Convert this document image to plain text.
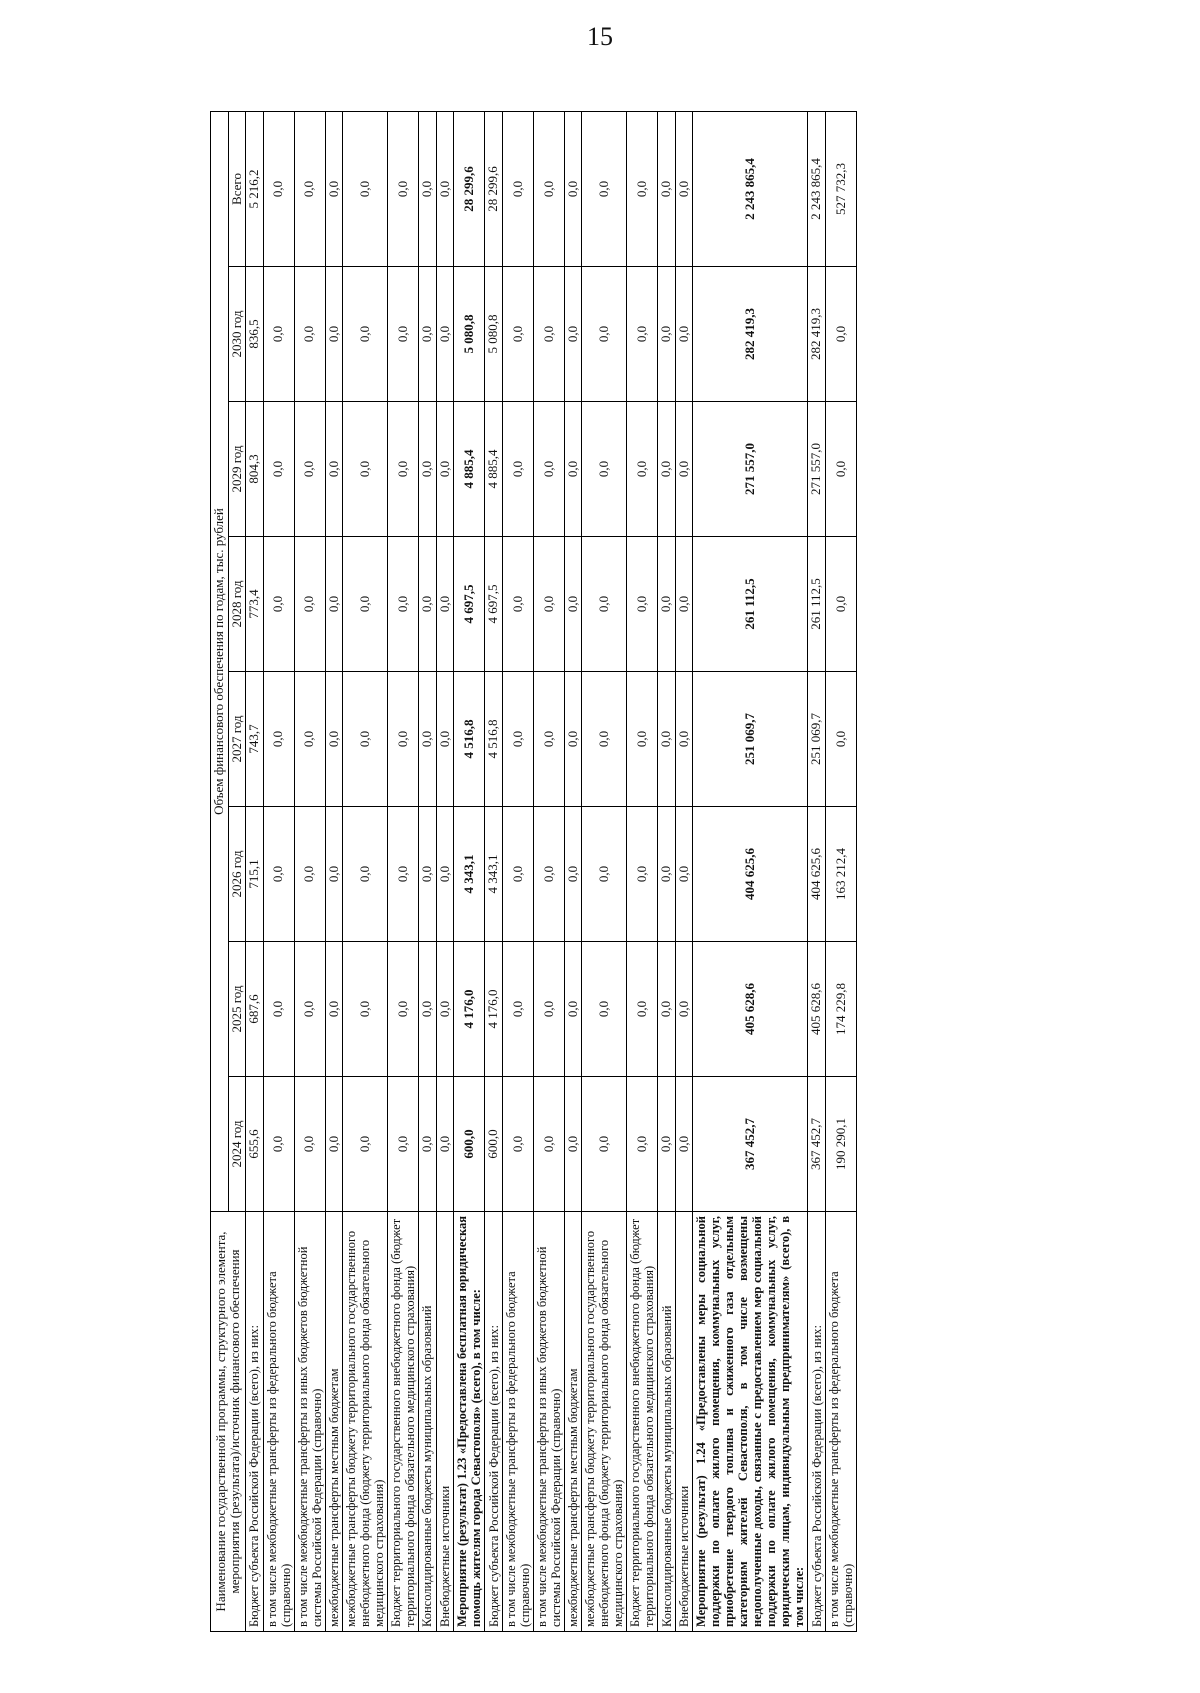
15
Наименование государственной программы, структурного элемента, мероприятия (результата)/источник финансового обеспечения	Объем финансового обеспечения по годам, тыс. рублей							
	2024 год	2025 год	2026 год	2027 год	2028 год	2029 год	2030 год	Всего
Бюджет субъекта Российской Федерации (всего), из них:	655,6	687,6	715,1	743,7	773,4	804,3	836,5	5 216,2
в том числе межбюджетные трансферты из федерального бюджета (справочно)	0,0	0,0	0,0	0,0	0,0	0,0	0,0	0,0
в том числе межбюджетные трансферты из иных бюджетов бюджетной системы Российской Федерации (справочно)	0,0	0,0	0,0	0,0	0,0	0,0	0,0	0,0
межбюджетные трансферты местным бюджетам	0,0	0,0	0,0	0,0	0,0	0,0	0,0	0,0
межбюджетные трансферты бюджету территориального государственного внебюджетного фонда (бюджету территориального фонда обязательного медицинского страхования)	0,0	0,0	0,0	0,0	0,0	0,0	0,0	0,0
Бюджет территориального государственного внебюджетного фонда (бюджет территориального фонда обязательного медицинского страхования)	0,0	0,0	0,0	0,0	0,0	0,0	0,0	0,0
Консолидированные бюджеты муниципальных образований	0,0	0,0	0,0	0,0	0,0	0,0	0,0	0,0
Внебюджетные источники	0,0	0,0	0,0	0,0	0,0	0,0	0,0	0,0
Мероприятие (результат) 1.23 «Предоставлена бесплатная юридическая помощь жителям города Севастополя» (всего), в том числе:	600,0	4 176,0	4 343,1	4 516,8	4 697,5	4 885,4	5 080,8	28 299,6
Бюджет субъекта Российской Федерации (всего), из них:	600,0	4 176,0	4 343,1	4 516,8	4 697,5	4 885,4	5 080,8	28 299,6
в том числе межбюджетные трансферты из федерального бюджета (справочно)	0,0	0,0	0,0	0,0	0,0	0,0	0,0	0,0
в том числе межбюджетные трансферты из иных бюджетов бюджетной системы Российской Федерации (справочно)	0,0	0,0	0,0	0,0	0,0	0,0	0,0	0,0
межбюджетные трансферты местным бюджетам	0,0	0,0	0,0	0,0	0,0	0,0	0,0	0,0
межбюджетные трансферты бюджету территориального государственного внебюджетного фонда (бюджету территориального фонда обязательного медицинского страхования)	0,0	0,0	0,0	0,0	0,0	0,0	0,0	0,0
Бюджет территориального государственного внебюджетного фонда (бюджет территориального фонда обязательного медицинского страхования)	0,0	0,0	0,0	0,0	0,0	0,0	0,0	0,0
Консолидированные бюджеты муниципальных образований	0,0	0,0	0,0	0,0	0,0	0,0	0,0	0,0
Внебюджетные источники	0,0	0,0	0,0	0,0	0,0	0,0	0,0	0,0
Мероприятие (результат) 1.24 «Предоставлены меры социальной поддержки по оплате жилого помещения, коммунальных услуг, приобретение твердого топлива и сжиженного газа отдельным категориям жителей Севастополя, в том числе возмещены недополученные доходы, связанные с предоставлением мер социальной поддержки по оплате жилого помещения, коммунальных услуг, юридическим лицам, индивидуальным предпринимателям» (всего), в том числе:	367 452,7	405 628,6	404 625,6	251 069,7	261 112,5	271 557,0	282 419,3	2 243 865,4
Бюджет субъекта Российской Федерации (всего), из них:	367 452,7	405 628,6	404 625,6	251 069,7	261 112,5	271 557,0	282 419,3	2 243 865,4
в том числе межбюджетные трансферты из федерального бюджета (справочно)	190 290,1	174 229,8	163 212,4	0,0	0,0	0,0	0,0	527 732,3
